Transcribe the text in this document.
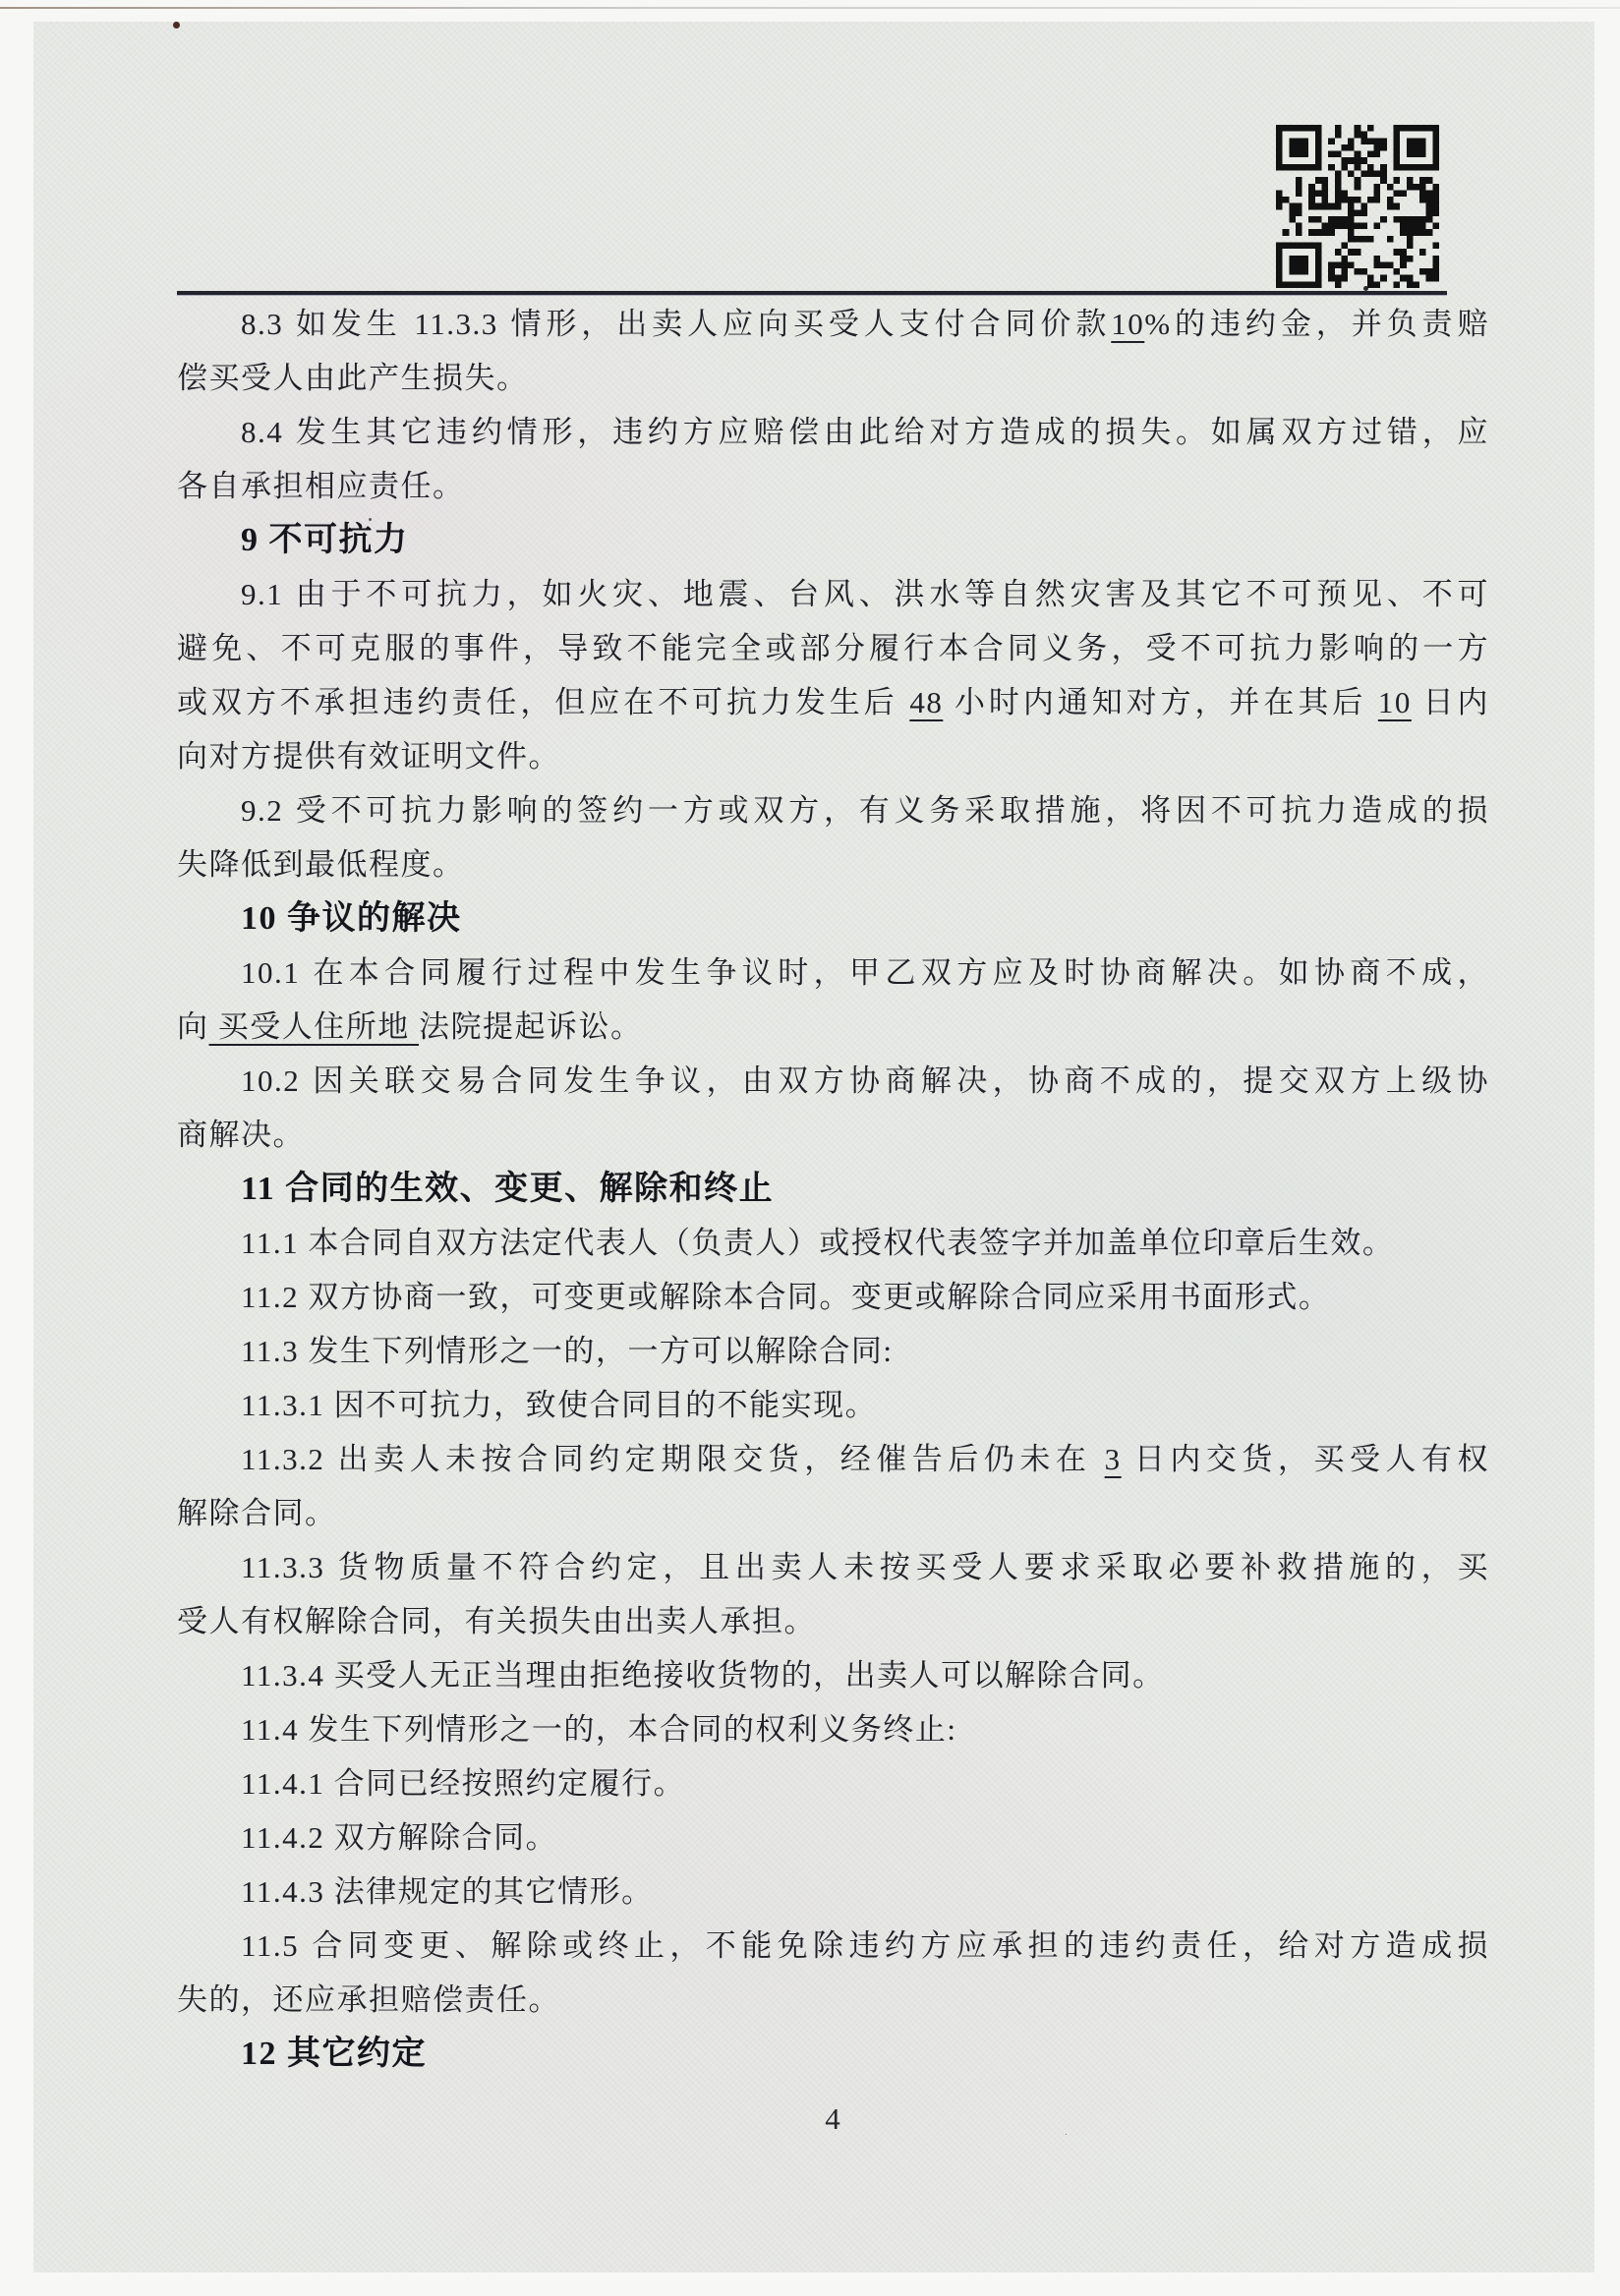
8.3 如发生 11.3.3 情形，出卖人应向买受人支付合同价款10%的违约金，并负责赔
偿买受人由此产生损失。
8.4 发生其它违约情形，违约方应赔偿由此给对方造成的损失。如属双方过错，应
各自承担相应责任。
9 不可抗力
9.1 由于不可抗力，如火灾、地震、台风、洪水等自然灾害及其它不可预见、不可
避免、不可克服的事件，导致不能完全或部分履行本合同义务，受不可抗力影响的一方
或双方不承担违约责任，但应在不可抗力发生后 48 小时内通知对方，并在其后 10 日内
向对方提供有效证明文件。
9.2 受不可抗力影响的签约一方或双方，有义务采取措施，将因不可抗力造成的损
失降低到最低程度。
10 争议的解决
10.1 在本合同履行过程中发生争议时，甲乙双方应及时协商解决。如协商不成，
向 买受人住所地 法院提起诉讼。
10.2 因关联交易合同发生争议，由双方协商解决，协商不成的，提交双方上级协
商解决。
11 合同的生效、变更、解除和终止
11.1 本合同自双方法定代表人（负责人）或授权代表签字并加盖单位印章后生效。
11.2 双方协商一致，可变更或解除本合同。变更或解除合同应采用书面形式。
11.3 发生下列情形之一的，一方可以解除合同:
11.3.1 因不可抗力，致使合同目的不能实现。
11.3.2 出卖人未按合同约定期限交货，经催告后仍未在 3 日内交货，买受人有权
解除合同。
11.3.3 货物质量不符合约定，且出卖人未按买受人要求采取必要补救措施的，买
受人有权解除合同，有关损失由出卖人承担。
11.3.4 买受人无正当理由拒绝接收货物的，出卖人可以解除合同。
11.4 发生下列情形之一的，本合同的权利义务终止:
11.4.1 合同已经按照约定履行。
11.4.2 双方解除合同。
11.4.3 法律规定的其它情形。
11.5 合同变更、解除或终止，不能免除违约方应承担的违约责任，给对方造成损
失的，还应承担赔偿责任。
12 其它约定
4
